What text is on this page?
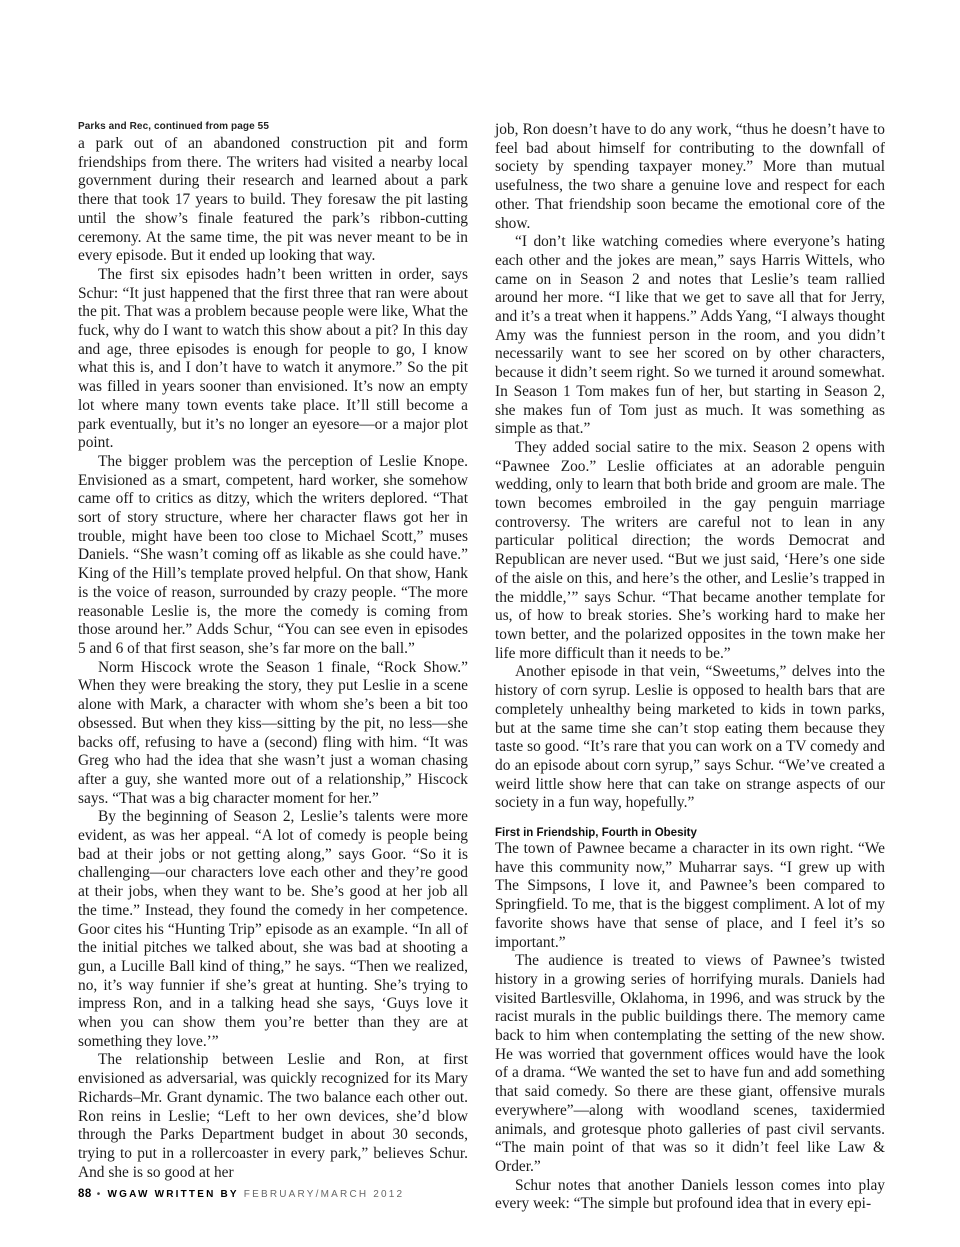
Parks and Rec, continued from page 55

a park out of an abandoned construction pit and form friendships from there. The writers had visited a nearby local government during their research and learned about a park there that took 17 years to build. They foresaw the pit lasting until the show’s finale featured the park’s ribbon-cutting ceremony. At the same time, the pit was never meant to be in every episode. But it ended up looking that way.

The first six episodes hadn’t been written in order, says Schur: “It just happened that the first three that ran were about the pit. That was a problem because people were like, What the fuck, why do I want to watch this show about a pit? In this day and age, three episodes is enough for people to go, I know what this is, and I don’t have to watch it anymore.” So the pit was filled in years sooner than envisioned. It’s now an empty lot where many town events take place. It’ll still become a park eventually, but it’s no longer an eyesore—or a major plot point.

The bigger problem was the perception of Leslie Knope. Envisioned as a smart, competent, hard worker, she somehow came off to critics as ditzy, which the writers deplored. “That sort of story structure, where her character flaws got her in trouble, might have been too close to Michael Scott,” muses Daniels. “She wasn’t coming off as likable as she could have.” King of the Hill’s template proved helpful. On that show, Hank is the voice of reason, surrounded by crazy people. “The more reasonable Leslie is, the more the comedy is coming from those around her.” Adds Schur, “You can see even in episodes 5 and 6 of that first season, she’s far more on the ball.”

Norm Hiscock wrote the Season 1 finale, “Rock Show.” When they were breaking the story, they put Leslie in a scene alone with Mark, a character with whom she’s been a bit too obsessed. But when they kiss—sitting by the pit, no less—she backs off, refusing to have a (second) fling with him. “It was Greg who had the idea that she wasn’t just a woman chasing after a guy, she wanted more out of a relationship,” Hiscock says. “That was a big character moment for her.”

By the beginning of Season 2, Leslie’s talents were more evident, as was her appeal. “A lot of comedy is people being bad at their jobs or not getting along,” says Goor. “So it is challenging—our characters love each other and they’re good at their jobs, when they want to be. She’s good at her job all the time.” Instead, they found the comedy in her competence. Goor cites his “Hunting Trip” episode as an example. “In all of the initial pitches we talked about, she was bad at shooting a gun, a Lucille Ball kind of thing,” he says. “Then we realized, no, it’s way funnier if she’s great at hunting. She’s trying to impress Ron, and in a talking head she says, ‘Guys love it when you can show them you’re better than they are at something they love.’”

The relationship between Leslie and Ron, at first envisioned as adversarial, was quickly recognized for its Mary Richards–Mr. Grant dynamic. The two balance each other out. Ron reins in Leslie; “Left to her own devices, she’d blow through the Parks Department budget in about 30 seconds, trying to put in a rollercoaster in every park,” believes Schur. And she is so good at her

job, Ron doesn’t have to do any work, “thus he doesn’t have to feel bad about himself for contributing to the downfall of society by spending taxpayer money.” More than mutual usefulness, the two share a genuine love and respect for each other. That friendship soon became the emotional core of the show.

“I don’t like watching comedies where everyone’s hating each other and the jokes are mean,” says Harris Wittels, who came on in Season 2 and notes that Leslie’s team rallied around her more. “I like that we get to save all that for Jerry, and it’s a treat when it happens.” Adds Yang, “I always thought Amy was the funniest person in the room, and you didn’t necessarily want to see her scored on by other characters, because it didn’t seem right. So we turned it around somewhat. In Season 1 Tom makes fun of her, but starting in Season 2, she makes fun of Tom just as much. It was something as simple as that.”

They added social satire to the mix. Season 2 opens with “Pawnee Zoo.” Leslie officiates at an adorable penguin wedding, only to learn that both bride and groom are male. The town becomes embroiled in the gay penguin marriage controversy. The writers are careful not to lean in any particular political direction; the words Democrat and Republican are never used. “But we just said, ‘Here’s one side of the aisle on this, and here’s the other, and Leslie’s trapped in the middle,’” says Schur. “That became another template for us, of how to break stories. She’s working hard to make her town better, and the polarized opposites in the town make her life more difficult than it needs to be.”

Another episode in that vein, “Sweetums,” delves into the history of corn syrup. Leslie is opposed to health bars that are completely unhealthy being marketed to kids in town parks, but at the same time she can’t stop eating them because they taste so good. “It’s rare that you can work on a TV comedy and do an episode about corn syrup,” says Schur. “We’ve created a weird little show here that can take on strange aspects of our society in a fun way, hopefully.”

First in Friendship, Fourth in Obesity

The town of Pawnee became a character in its own right. “We have this community now,” Muharrar says. “I grew up with The Simpsons, I love it, and Pawnee’s been compared to Springfield. To me, that is the biggest compliment. A lot of my favorite shows have that sense of place, and I feel it’s so important.”

The audience is treated to views of Pawnee’s twisted history in a growing series of horrifying murals. Daniels had visited Bartlesville, Oklahoma, in 1996, and was struck by the racist murals in the public buildings there. The memory came back to him when contemplating the setting of the new show. He was worried that government offices would have the look of a drama. “We wanted the set to have fun and add something that said comedy. So there are these giant, offensive murals everywhere”—along with woodland scenes, taxidermied animals, and grotesque photo galleries of past civil servants. “The main point of that was so it didn’t feel like Law & Order.”

Schur notes that another Daniels lesson comes into play every week: “The simple but profound idea that in every epi-

88 • WGAW WRITTEN BY FEBRUARY/MARCH 2012
